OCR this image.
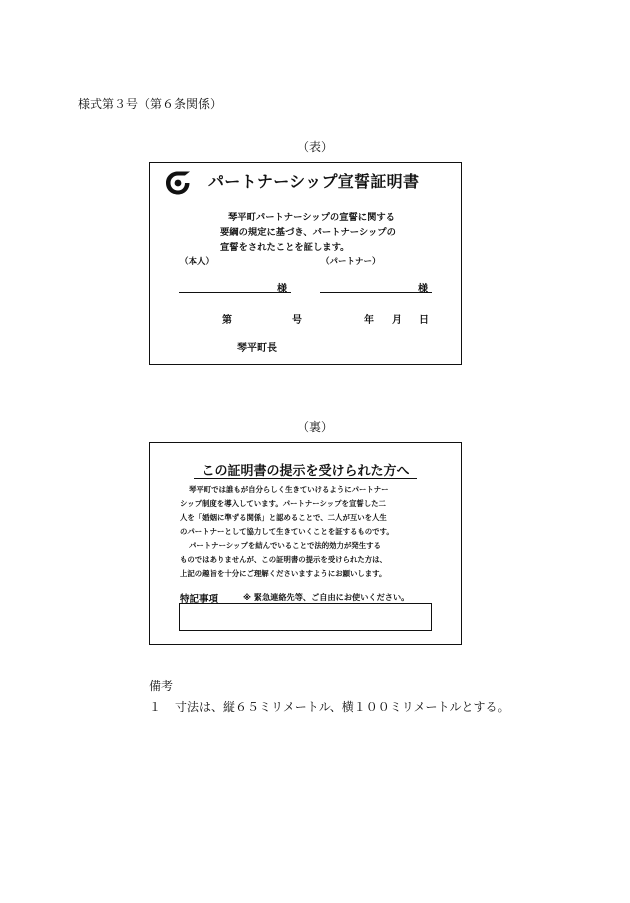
様式第３号（第６条関係）
（表）
パートナーシップ宣誓証明書
琴平町パートナーシップの宣誓に関する
要綱の規定に基づき、パートナーシップの
宣誓をされたことを証します。
（本人）	（パートナー）
様	様
第	号	年 月 日
琴平町長
（裏）
この証明書の提示を受けられた方へ
琴平町では誰もが自分らしく生きていけるようにパートナー
シップ制度を導入しています。パートナーシップを宣誓した二
人を「婚姻に準ずる関係」と認めることで、二人が互いを人生
のパートナーとして協力して生きていくことを証するものです。
パートナーシップを結んでいることで法的効力が発生する
ものではありませんが、この証明書の提示を受けられた方は、
上記の趣旨を十分にご理解くださいますようにお願いします。
特記事項	※ 緊急連絡先等、ご自由にお使いください。
備考
１ 寸法は、縦６５ミリメートル、横１００ミリメートルとする。
